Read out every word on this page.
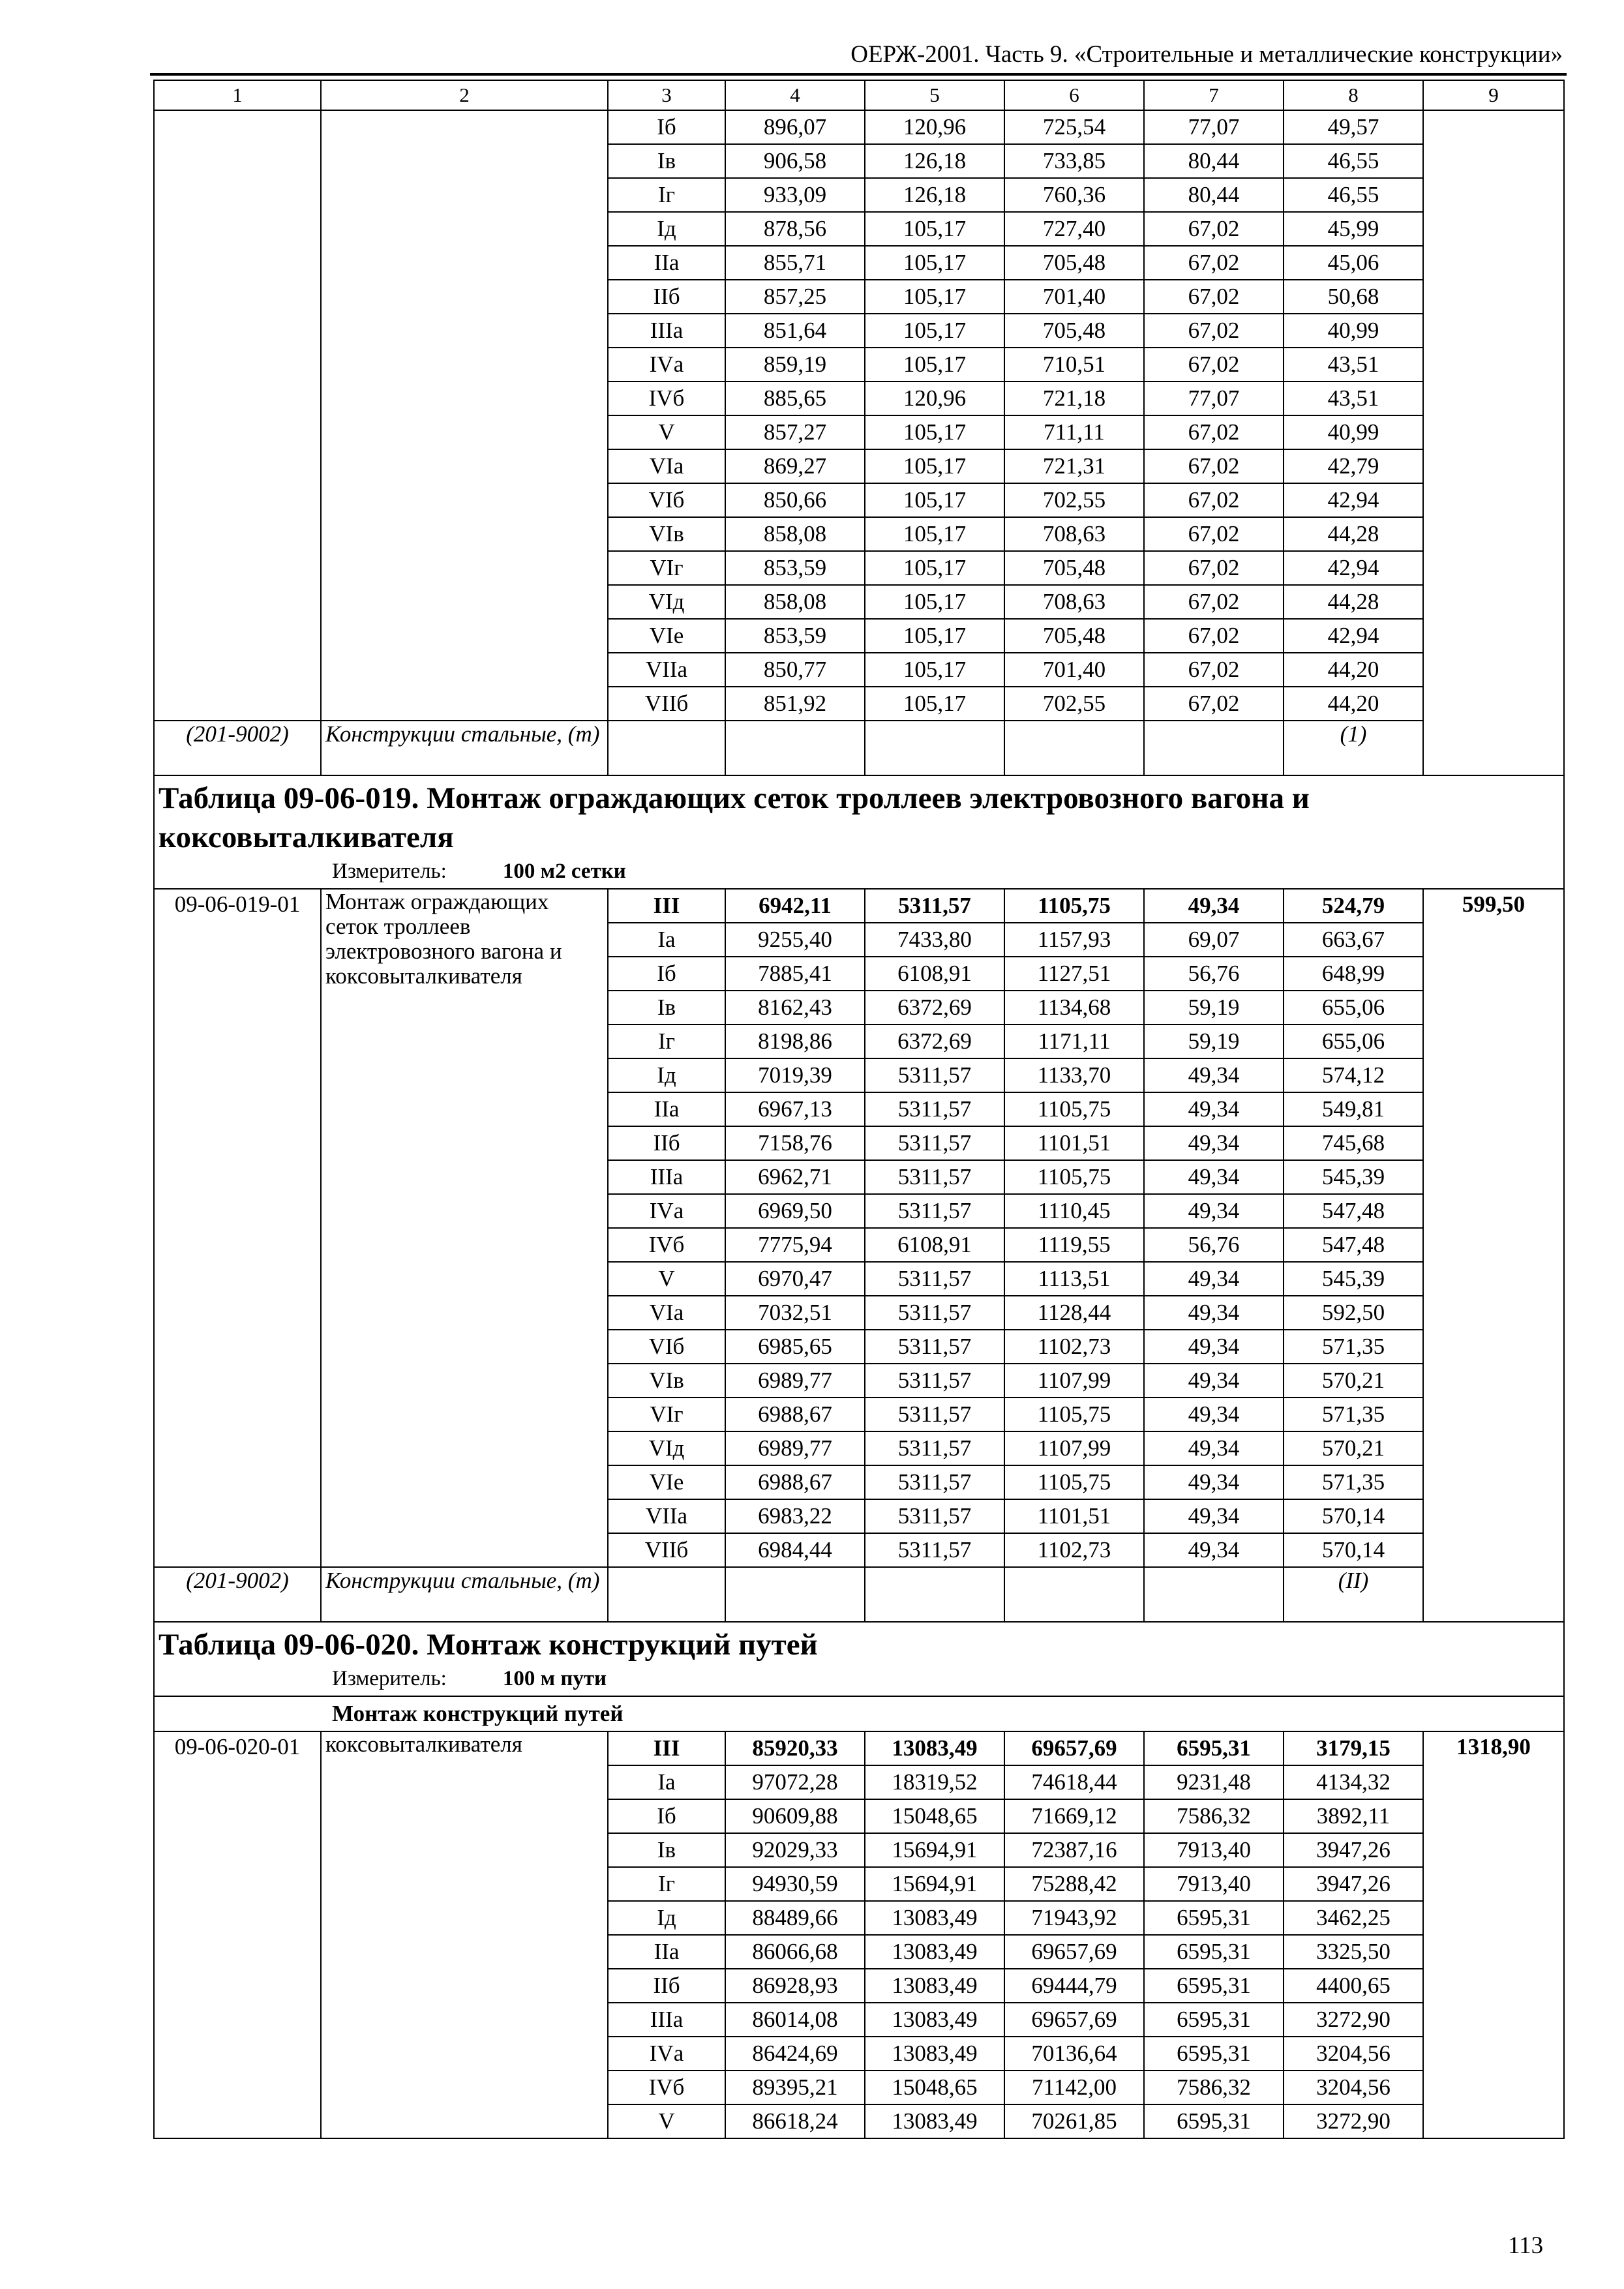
ОЕРЖ-2001. Часть 9. «Строительные и металлические конструкции»
1	2	3	4	5	6	7	8	9
		Iб	896,07	120,96	725,54	77,07	49,57	
		Iв	906,58	126,18	733,85	80,44	46,55	
		Iг	933,09	126,18	760,36	80,44	46,55	
		Iд	878,56	105,17	727,40	67,02	45,99	
		IIа	855,71	105,17	705,48	67,02	45,06	
		IIб	857,25	105,17	701,40	67,02	50,68	
		IIIа	851,64	105,17	705,48	67,02	40,99	
		IVа	859,19	105,17	710,51	67,02	43,51	
		IVб	885,65	120,96	721,18	77,07	43,51	
		V	857,27	105,17	711,11	67,02	40,99	
		VIа	869,27	105,17	721,31	67,02	42,79	
		VIб	850,66	105,17	702,55	67,02	42,94	
		VIв	858,08	105,17	708,63	67,02	44,28	
		VIг	853,59	105,17	705,48	67,02	42,94	
		VIд	858,08	105,17	708,63	67,02	44,28	
		VIе	853,59	105,17	705,48	67,02	42,94	
		VIIа	850,77	105,17	701,40	67,02	44,20	
		VIIб	851,92	105,17	702,55	67,02	44,20	
(201-9002)	Конструкции стальные, (т)						(1)	

Таблица 09-06-019. Монтаж ограждающих сеток троллеев электровозного вагона и коксовыталкивателя
Измеритель: 100 м2 сетки								

09-06-019-01	Монтаж ограждающих сеток троллеев электровозного вагона и коксовыталкивателя	III	6942,11	5311,57	1105,75	49,34	524,79	599,50
		Iа	9255,40	7433,80	1157,93	69,07	663,67	
		Iб	7885,41	6108,91	1127,51	56,76	648,99	
		Iв	8162,43	6372,69	1134,68	59,19	655,06	
		Iг	8198,86	6372,69	1171,11	59,19	655,06	
		Iд	7019,39	5311,57	1133,70	49,34	574,12	
		IIа	6967,13	5311,57	1105,75	49,34	549,81	
		IIб	7158,76	5311,57	1101,51	49,34	745,68	
		IIIа	6962,71	5311,57	1105,75	49,34	545,39	
		IVа	6969,50	5311,57	1110,45	49,34	547,48	
		IVб	7775,94	6108,91	1119,55	56,76	547,48	
		V	6970,47	5311,57	1113,51	49,34	545,39	
		VIа	7032,51	5311,57	1128,44	49,34	592,50	
		VIб	6985,65	5311,57	1102,73	49,34	571,35	
		VIв	6989,77	5311,57	1107,99	49,34	570,21	
		VIг	6988,67	5311,57	1105,75	49,34	571,35	
		VIд	6989,77	5311,57	1107,99	49,34	570,21	
		VIе	6988,67	5311,57	1105,75	49,34	571,35	
		VIIа	6983,22	5311,57	1101,51	49,34	570,14	
		VIIб	6984,44	5311,57	1102,73	49,34	570,14	
(201-9002)	Конструкции стальные, (т)						(II)	

Таблица 09-06-020. Монтаж конструкций путей
Измеритель: 100 м пути								

Монтаж конструкций путей								
09-06-020-01	коксовыталкивателя	III	85920,33	13083,49	69657,69	6595,31	3179,15	1318,90
		Iа	97072,28	18319,52	74618,44	9231,48	4134,32	
		Iб	90609,88	15048,65	71669,12	7586,32	3892,11	
		Iв	92029,33	15694,91	72387,16	7913,40	3947,26	
		Iг	94930,59	15694,91	75288,42	7913,40	3947,26	
		Iд	88489,66	13083,49	71943,92	6595,31	3462,25	
		IIа	86066,68	13083,49	69657,69	6595,31	3325,50	
		IIб	86928,93	13083,49	69444,79	6595,31	4400,65	
		IIIа	86014,08	13083,49	69657,69	6595,31	3272,90	
		IVа	86424,69	13083,49	70136,64	6595,31	3204,56	
		IVб	89395,21	15048,65	71142,00	7586,32	3204,56	
		V	86618,24	13083,49	70261,85	6595,31	3272,90	
113
